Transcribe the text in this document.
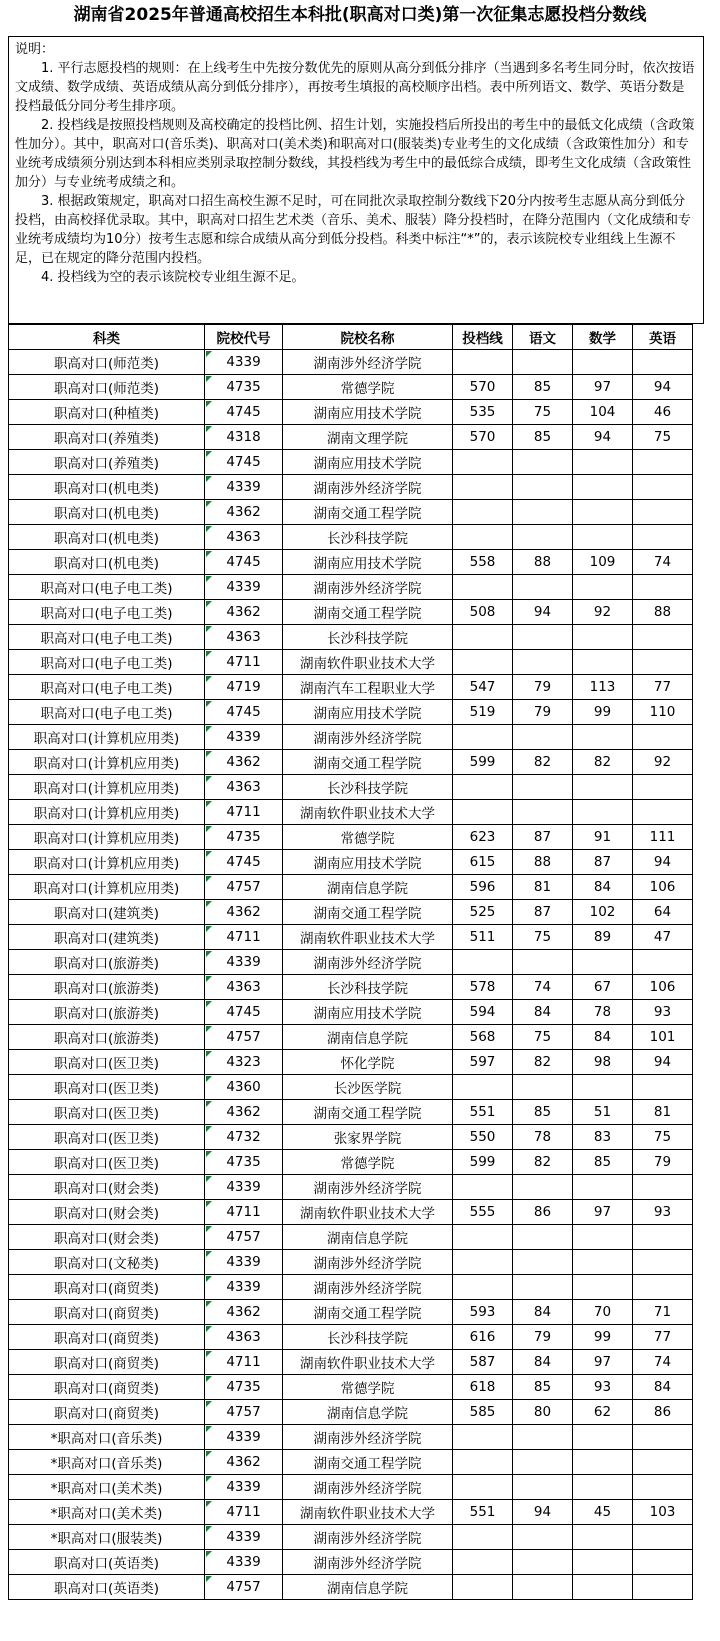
湖南省2025年普通高校招生本科批(职高对口类)第一次征集志愿投档分数线

说明：

1. 平行志愿投档的规则：在上线考生中先按分数优先的原则从高分到低分排序（当遇到多名考生同分时，依次按语文成绩、数学成绩、英语成绩从高分到低分排序），再按考生填报的高校顺序出档。表中所列语文、数学、英语分数是投档最低分同分考生排序项。

2. 投档线是按照投档规则及高校确定的投档比例、招生计划，实施投档后所投出的考生中的最低文化成绩（含政策性加分）。其中，职高对口(音乐类)、职高对口(美术类)和职高对口(服装类)专业考生的文化成绩（含政策性加分）和专业统考成绩须分别达到本科相应类别录取控制分数线，其投档线为考生中的最低综合成绩，即考生文化成绩（含政策性加分）与专业统考成绩之和。

3. 根据政策规定，职高对口招生高校生源不足时，可在同批次录取控制分数线下20分内按考生志愿从高分到低分投档，由高校择优录取。其中，职高对口招生艺术类（音乐、美术、服装）降分投档时，在降分范围内（文化成绩和专业统考成绩均为10分）按考生志愿和综合成绩从高分到低分投档。科类中标注“*”的，表示该院校专业组线上生源不足，已在规定的降分范围内投档。

4. 投档线为空的表示该院校专业组生源不足。

科类	院校代号	院校名称	投档线	语文	数学	英语
职高对口(师范类)	4339	湖南涉外经济学院				
职高对口(师范类)	4735	常德学院	570	85	97	94
职高对口(种植类)	4745	湖南应用技术学院	535	75	104	46
职高对口(养殖类)	4318	湖南文理学院	570	85	94	75
职高对口(养殖类)	4745	湖南应用技术学院				
职高对口(机电类)	4339	湖南涉外经济学院				
职高对口(机电类)	4362	湖南交通工程学院				
职高对口(机电类)	4363	长沙科技学院				
职高对口(机电类)	4745	湖南应用技术学院	558	88	109	74
职高对口(电子电工类)	4339	湖南涉外经济学院				
职高对口(电子电工类)	4362	湖南交通工程学院	508	94	92	88
职高对口(电子电工类)	4363	长沙科技学院				
职高对口(电子电工类)	4711	湖南软件职业技术大学				
职高对口(电子电工类)	4719	湖南汽车工程职业大学	547	79	113	77
职高对口(电子电工类)	4745	湖南应用技术学院	519	79	99	110
职高对口(计算机应用类)	4339	湖南涉外经济学院				
职高对口(计算机应用类)	4362	湖南交通工程学院	599	82	82	92
职高对口(计算机应用类)	4363	长沙科技学院				
职高对口(计算机应用类)	4711	湖南软件职业技术大学				
职高对口(计算机应用类)	4735	常德学院	623	87	91	111
职高对口(计算机应用类)	4745	湖南应用技术学院	615	88	87	94
职高对口(计算机应用类)	4757	湖南信息学院	596	81	84	106
职高对口(建筑类)	4362	湖南交通工程学院	525	87	102	64
职高对口(建筑类)	4711	湖南软件职业技术大学	511	75	89	47
职高对口(旅游类)	4339	湖南涉外经济学院				
职高对口(旅游类)	4363	长沙科技学院	578	74	67	106
职高对口(旅游类)	4745	湖南应用技术学院	594	84	78	93
职高对口(旅游类)	4757	湖南信息学院	568	75	84	101
职高对口(医卫类)	4323	怀化学院	597	82	98	94
职高对口(医卫类)	4360	长沙医学院				
职高对口(医卫类)	4362	湖南交通工程学院	551	85	51	81
职高对口(医卫类)	4732	张家界学院	550	78	83	75
职高对口(医卫类)	4735	常德学院	599	82	85	79
职高对口(财会类)	4339	湖南涉外经济学院				
职高对口(财会类)	4711	湖南软件职业技术大学	555	86	97	93
职高对口(财会类)	4757	湖南信息学院				
职高对口(文秘类)	4339	湖南涉外经济学院				
职高对口(商贸类)	4339	湖南涉外经济学院				
职高对口(商贸类)	4362	湖南交通工程学院	593	84	70	71
职高对口(商贸类)	4363	长沙科技学院	616	79	99	77
职高对口(商贸类)	4711	湖南软件职业技术大学	587	84	97	74
职高对口(商贸类)	4735	常德学院	618	85	93	84
职高对口(商贸类)	4757	湖南信息学院	585	80	62	86
*职高对口(音乐类)	4339	湖南涉外经济学院				
*职高对口(音乐类)	4362	湖南交通工程学院				
*职高对口(美术类)	4339	湖南涉外经济学院				
*职高对口(美术类)	4711	湖南软件职业技术大学	551	94	45	103
*职高对口(服装类)	4339	湖南涉外经济学院				
职高对口(英语类)	4339	湖南涉外经济学院				
职高对口(英语类)	4757	湖南信息学院				
